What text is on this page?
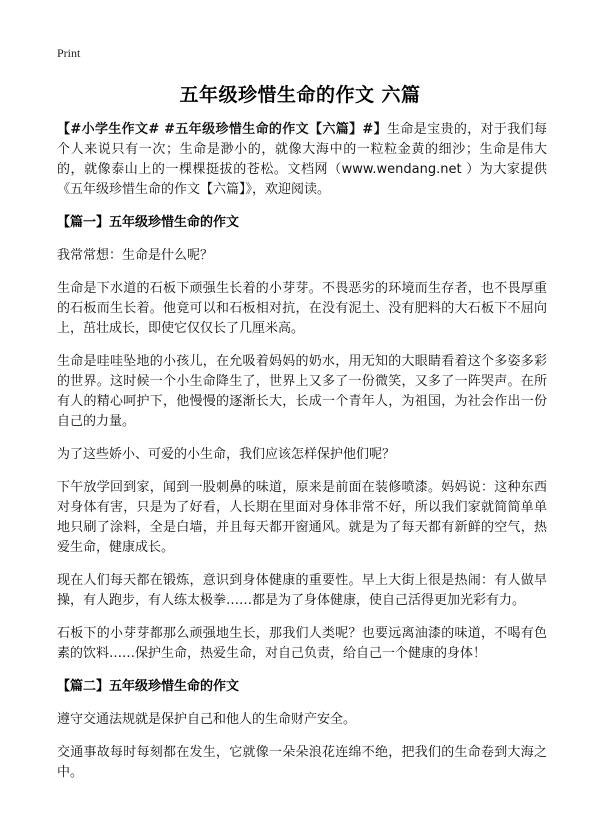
Print
五年级珍惜生命的作文 六篇

【#小学生作文# #五年级珍惜生命的作文【六篇】#】生命是宝贵的，对于我们每个人来说只有一次；生命是渺小的，就像大海中的一粒粒金黄的细沙；生命是伟大的，就像泰山上的一棵棵挺拔的苍松。文档网（www.wendang.net ）为大家提供《五年级珍惜生命的作文【六篇】》，欢迎阅读。

【篇一】五年级珍惜生命的作文

我常常想：生命是什么呢？

生命是下水道的石板下顽强生长着的小芽芽。不畏恶劣的环境而生存者，也不畏厚重的石板而生长着。他竟可以和石板相对抗，在没有泥土、没有肥料的大石板下不屈向上，茁壮成长，即使它仅仅长了几厘米高。

生命是哇哇坠地的小孩儿，在允吸着妈妈的奶水，用无知的大眼睛看着这个多姿多彩的世界。这时候一个小生命降生了，世界上又多了一份微笑，又多了一阵哭声。在所有人的精心呵护下，他慢慢的逐渐长大，长成一个青年人，为祖国，为社会作出一份自己的力量。

为了这些娇小、可爱的小生命，我们应该怎样保护他们呢？

下午放学回到家，闻到一股刺鼻的味道，原来是前面在装修喷漆。妈妈说：这种东西对身体有害，只是为了好看，人长期在里面对身体非常不好，所以我们家就简简单单地只刷了涂料，全是白墙，并且每天都开窗通风。就是为了每天都有新鲜的空气，热爱生命，健康成长。

现在人们每天都在锻炼，意识到身体健康的重要性。早上大街上很是热闹：有人做早操，有人跑步，有人练太极拳……都是为了身体健康，使自己活得更加光彩有力。

石板下的小芽芽都那么顽强地生长，那我们人类呢？也要远离油漆的味道，不喝有色素的饮料……保护生命，热爱生命，对自己负责，给自己一个健康的身体！

【篇二】五年级珍惜生命的作文

遵守交通法规就是保护自己和他人的生命财产安全。

交通事故每时每刻都在发生，它就像一朵朵浪花连绵不绝，把我们的生命卷到大海之中。
